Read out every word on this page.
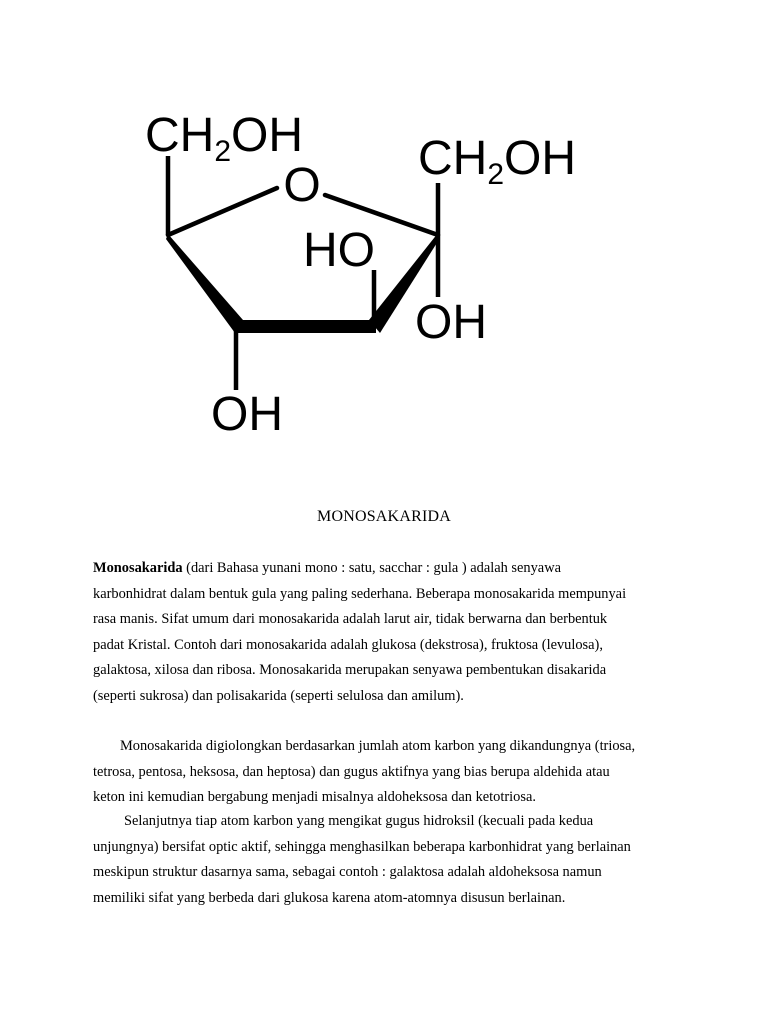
O
$CH_2OH$ $CH_2OH$
HO
OH
OH
MONOSAKARIDA

Monosakarida (dari Bahasa yunani mono : satu, sacchar : gula ) adalah senyawa

karbonhidrat dalam bentuk gula yang paling sederhana. Beberapa monosakarida mempunyai

rasa manis. Sifat umum dari monosakarida adalah larut air, tidak berwarna dan berbentuk

padat Kristal. Contoh dari monosakarida adalah glukosa (dekstrosa), fruktosa (levulosa),

galaktosa, xilosa dan ribosa. Monosakarida merupakan senyawa pembentukan disakarida

(seperti sukrosa) dan polisakarida (seperti selulosa dan amilum).

Monosakarida digiolongkan berdasarkan jumlah atom karbon yang dikandungnya (triosa,

tetrosa, pentosa, heksosa, dan heptosa) dan gugus aktifnya yang bias berupa aldehida atau

keton ini kemudian bergabung menjadi misalnya aldoheksosa dan ketotriosa.

Selanjutnya tiap atom karbon yang mengikat gugus hidroksil (kecuali pada kedua

unjungnya) bersifat optic aktif, sehingga menghasilkan beberapa karbonhidrat yang berlainan

meskipun struktur dasarnya sama, sebagai contoh : galaktosa adalah aldoheksosa namun

memiliki sifat yang berbeda dari glukosa karena atom-atomnya disusun berlainan.
